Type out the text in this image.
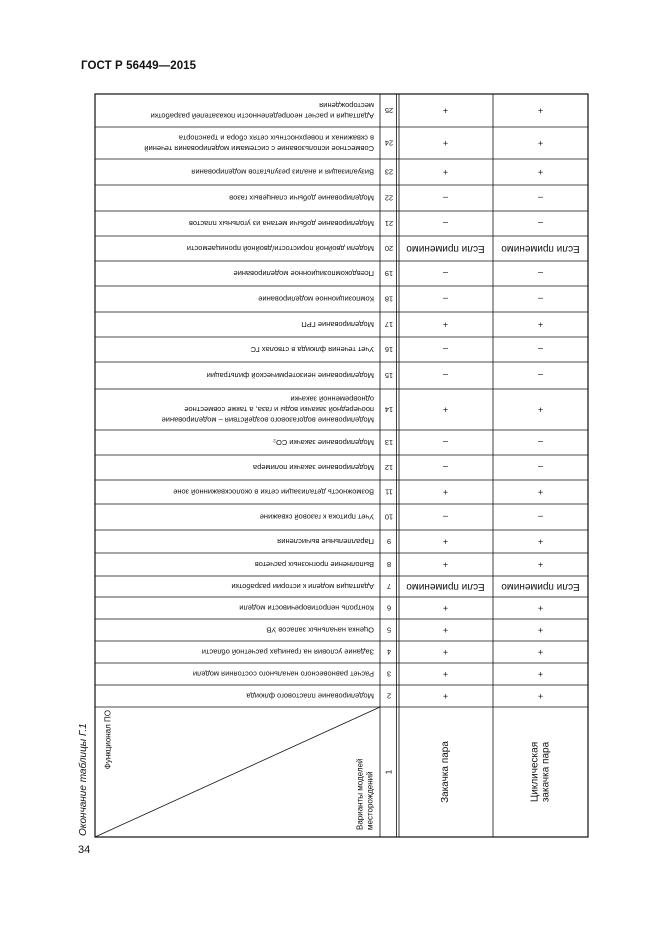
ГОСТ Р 56449—2015
34
25
Адаптация и расчет неопределенности показателей разработки
месторождения
+	+
24
Совместное использование с системами моделирования течений
в скважинах и поверхностных сетях сбора и транспорта
+	+
23
Визуализация и анализ результатов моделирования	+	+
22
Моделирование добычи сланцевых газов	–	–
21
Моделирование добычи метана из угольных пластов	–	–
20
Модели двойной пористости/двойной проницаемости	Если применимо Если применимо
19
Псевдокомпозиционное моделирование	–	–
18
Композиционное моделирование	–	–
17
Моделирование ГРП	+	+
16
Учет течения флюида в стволах ГС	–	–
15
Моделирование неизотермической фильтрации	–	–
14
Моделирование водогазового воздействия – моделирование
поочередной закачки воды и газа, а также совместное
одновременной закачки
+	+
13
Моделирование закачки CO₂	–	–
12
Моделирование закачки полимера	–	–
11
Возможность детализации сетки в околоскважинной зоне	+	+
10
Учет притока к газовой скважине	–	–
9
Параллельные вычисления	+	+
8
Выполнение прогнозных расчетов	+	+
7
Адаптация модели к истории разработки	Если применимо Если применимо
6
Контроль непротиворечивости модели	+	+
5
Оценка начальных запасов УВ	+	+
4
Задание условия на границах расчетной области	+	+
3
Расчет равновесного начального состояния модели	+	+
2
Моделирование пластового флюида	+	+
1	Закачка пара	Циклическая закачка пара
Функционал ПО
Варианты моделей месторождений
Окончание таблицы Г.1
